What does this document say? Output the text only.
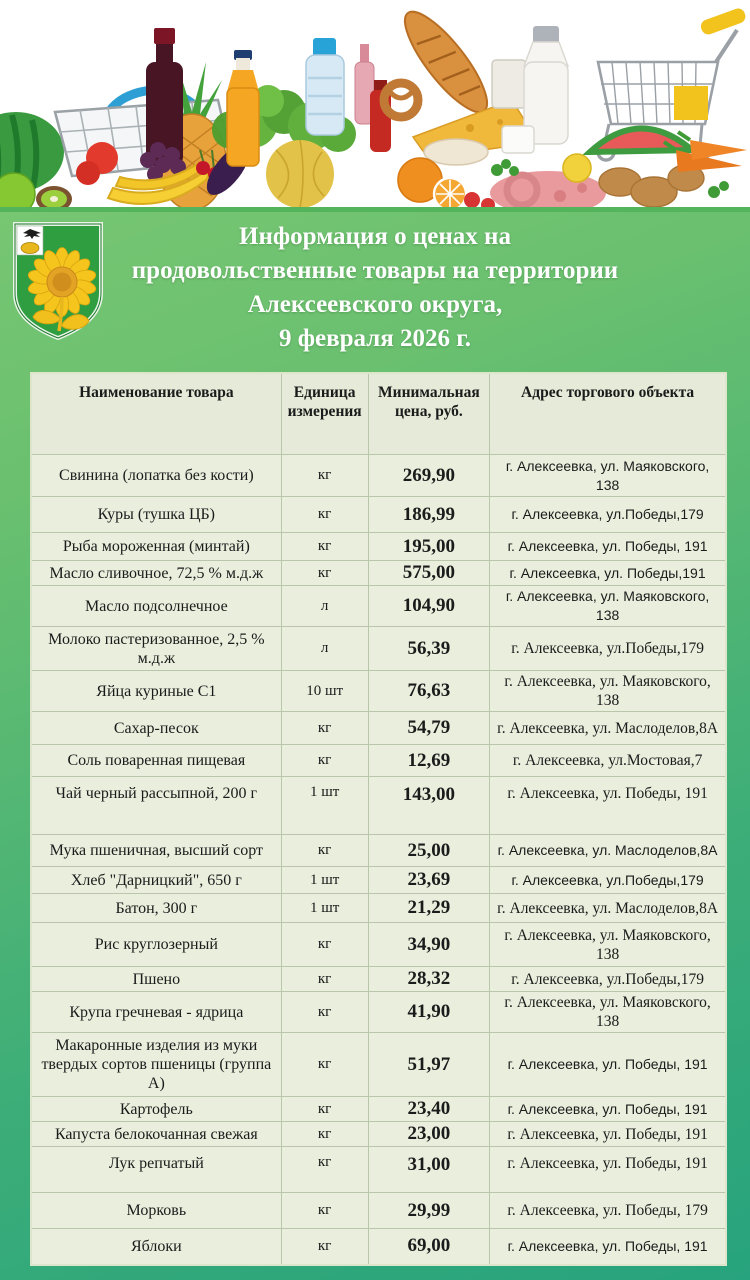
Информация о ценах на
продовольственные товары на территории
Алексеевского округа,
9 февраля 2026 г.
Наименование товара	Единица измерения	Минимальная цена, руб.	Адрес торгового объекта
Свинина (лопатка без кости)	кг	269,90	г. Алексеевка, ул. Маяковского, 138
Куры (тушка ЦБ)	кг	186,99	г. Алексеевка, ул.Победы,179
Рыба мороженная (минтай)	кг	195,00	г. Алексеевка, ул. Победы, 191
Масло сливочное, 72,5 % м.д.ж	кг	575,00	г. Алексеевка, ул. Победы,191
Масло подсолнечное	л	104,90	г. Алексеевка, ул. Маяковского, 138
Молоко пастеризованное, 2,5 % м.д.ж	л	56,39	г. Алексеевка, ул.Победы,179
Яйца куриные С1	10 шт	76,63	г. Алексеевка, ул. Маяковского, 138
Сахар-песок	кг	54,79	г. Алексеевка, ул. Маслоделов,8А
Соль поваренная пищевая	кг	12,69	г. Алексеевка, ул.Мостовая,7
Чай черный рассыпной, 200 г	1 шт	143,00	г. Алексеевка, ул. Победы, 191
Мука пшеничная, высший сорт	кг	25,00	г. Алексеевка, ул. Маслоделов,8А
Хлеб "Дарницкий", 650 г	1 шт	23,69	г. Алексеевка, ул.Победы,179
Батон, 300 г	1 шт	21,29	г. Алексеевка, ул. Маслоделов,8А
Рис круглозерный	кг	34,90	г. Алексеевка, ул. Маяковского, 138
Пшено	кг	28,32	г. Алексеевка, ул.Победы,179
Крупа гречневая - ядрица	кг	41,90	г. Алексеевка, ул. Маяковского, 138
Макаронные изделия из муки твердых сортов пшеницы (группа А)	кг	51,97	г. Алексеевка, ул. Победы, 191
Картофель	кг	23,40	г. Алексеевка, ул. Победы, 191
Капуста белокочанная свежая	кг	23,00	г. Алексеевка, ул. Победы, 191
Лук репчатый	кг	31,00	г. Алексеевка, ул. Победы, 191
Морковь	кг	29,99	г. Алексеевка, ул. Победы, 179
Яблоки	кг	69,00	г. Алексеевка, ул. Победы, 191
